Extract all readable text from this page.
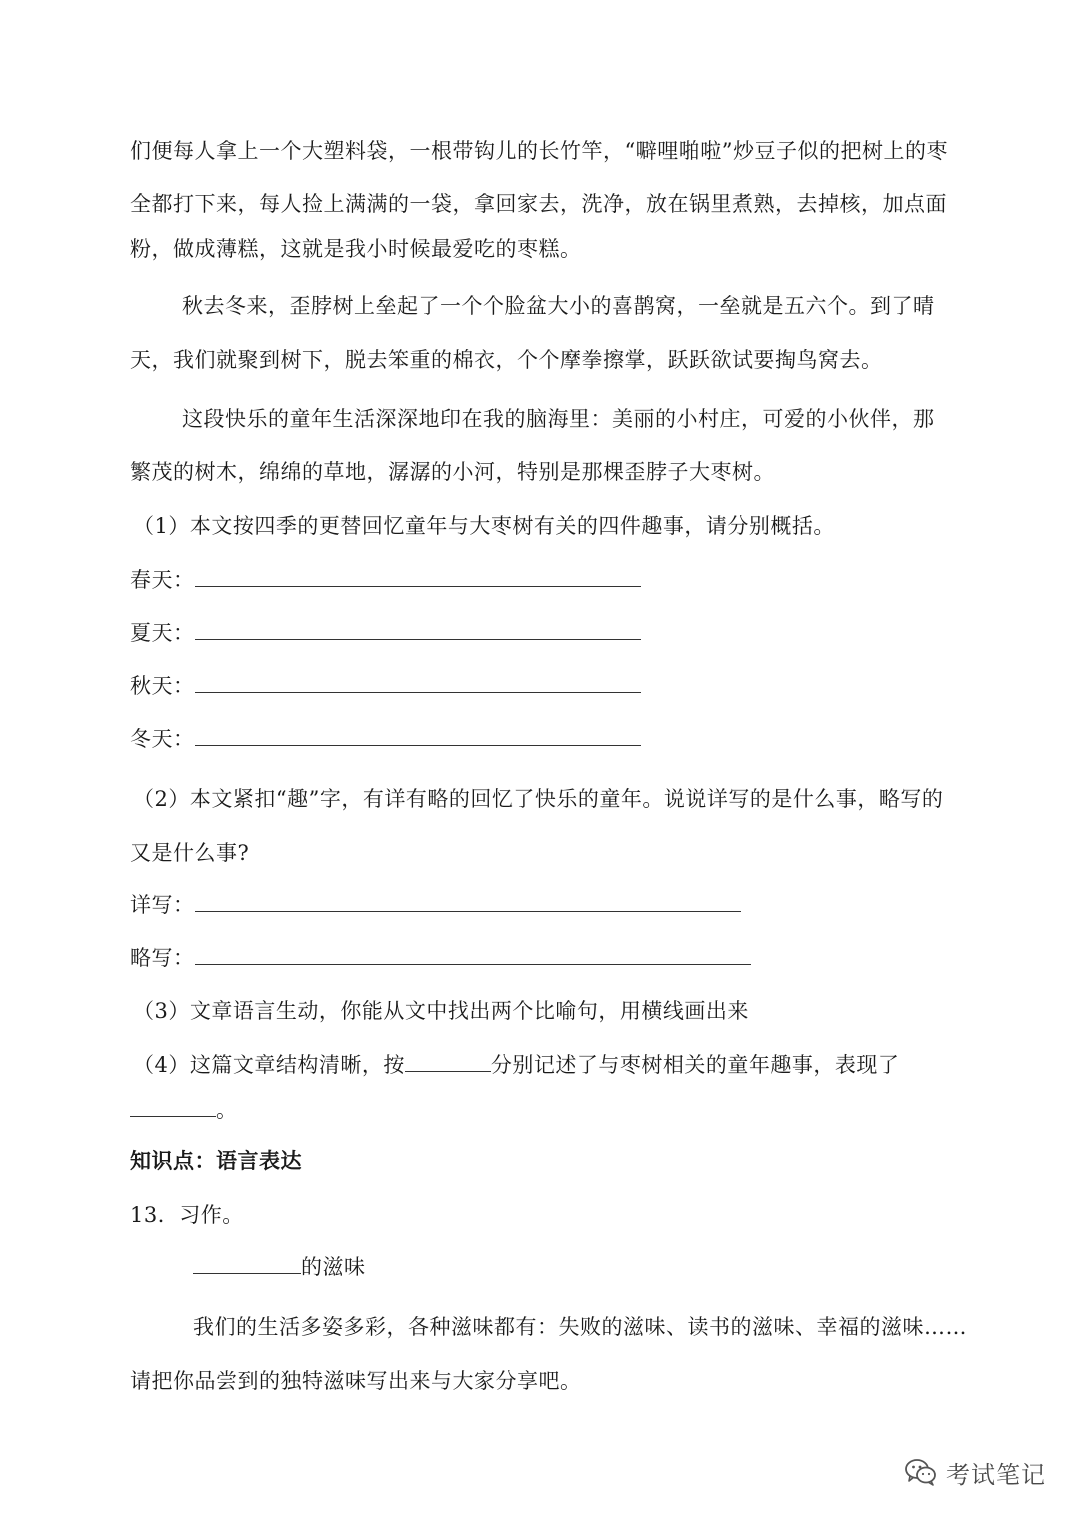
们便每人拿上一个大塑料袋，一根带钩儿的长竹竿，“噼哩啪啦”炒豆子似的把树上的枣
全都打下来，每人捡上满满的一袋，拿回家去，洗净，放在锅里煮熟，去掉核，加点面
粉，做成薄糕，这就是我小时候最爱吃的枣糕。
秋去冬来，歪脖树上垒起了一个个脸盆大小的喜鹊窝，一垒就是五六个。到了晴
天，我们就聚到树下，脱去笨重的棉衣，个个摩拳擦掌，跃跃欲试要掏鸟窝去。
这段快乐的童年生活深深地印在我的脑海里：美丽的小村庄，可爱的小伙伴，那
繁茂的树木，绵绵的草地，潺潺的小河，特别是那棵歪脖子大枣树。
（1）本文按四季的更替回忆童年与大枣树有关的四件趣事，请分别概括。
春天：
夏天：
秋天：
冬天：
（2）本文紧扣“趣”字，有详有略的回忆了快乐的童年。说说详写的是什么事，略写的
又是什么事?
详写：
略写：
（3）文章语言生动，你能从文中找出两个比喻句，用横线画出来
（4）这篇文章结构清晰，按	分别记述了与枣树相关的童年趣事，表现了
。
知识点：语言表达
13．习作。
的滋味
我们的生活多姿多彩，各种滋味都有：失败的滋味、读书的滋味、幸福的滋味……
请把你品尝到的独特滋味写出来与大家分享吧。
考试笔记
